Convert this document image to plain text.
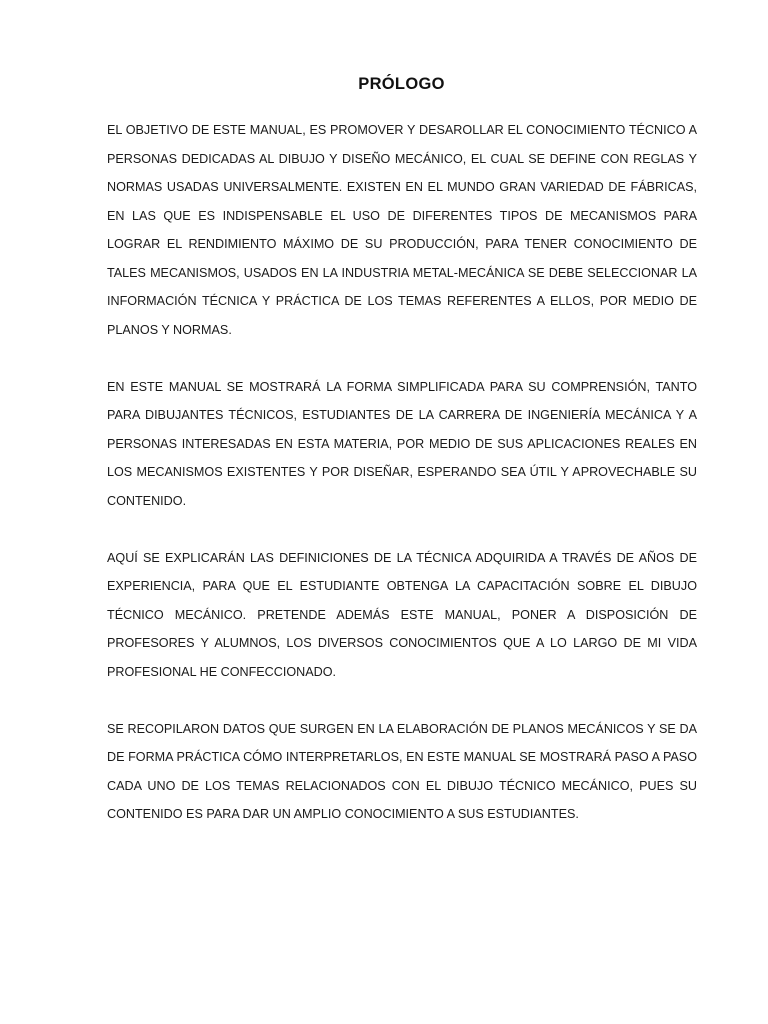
PRÓLOGO

EL OBJETIVO DE ESTE MANUAL, ES PROMOVER Y DESAROLLAR EL CONOCIMIENTO TÉCNICO A PERSONAS DEDICADAS AL DIBUJO Y DISEÑO MECÁNICO, EL CUAL SE DEFINE CON REGLAS Y NORMAS USADAS UNIVERSALMENTE. EXISTEN EN EL MUNDO GRAN VARIEDAD DE FÁBRICAS, EN LAS QUE ES INDISPENSABLE EL USO DE DIFERENTES TIPOS DE MECANISMOS PARA LOGRAR EL RENDIMIENTO MÁXIMO DE SU PRODUCCIÓN, PARA TENER CONOCIMIENTO DE TALES MECANISMOS, USADOS EN LA INDUSTRIA METAL-MECÁNICA SE DEBE SELECCIONAR LA INFORMACIÓN TÉCNICA Y PRÁCTICA DE LOS TEMAS REFERENTES A ELLOS, POR MEDIO DE PLANOS Y NORMAS.

EN ESTE MANUAL SE MOSTRARÁ LA FORMA SIMPLIFICADA PARA SU COMPRENSIÓN, TANTO PARA DIBUJANTES TÉCNICOS, ESTUDIANTES DE LA CARRERA DE INGENIERÍA MECÁNICA Y A PERSONAS INTERESADAS EN ESTA MATERIA, POR MEDIO DE SUS APLICACIONES REALES EN LOS MECANISMOS EXISTENTES Y POR DISEÑAR, ESPERANDO SEA ÚTIL Y APROVECHABLE SU CONTENIDO.

AQUÍ SE EXPLICARÁN LAS DEFINICIONES DE LA TÉCNICA ADQUIRIDA A TRAVÉS DE AÑOS DE EXPERIENCIA, PARA QUE EL ESTUDIANTE OBTENGA LA CAPACITACIÓN SOBRE EL DIBUJO TÉCNICO MECÁNICO. PRETENDE ADEMÁS ESTE MANUAL, PONER A DISPOSICIÓN DE PROFESORES Y ALUMNOS, LOS DIVERSOS CONOCIMIENTOS QUE A LO LARGO DE MI VIDA PROFESIONAL HE CONFECCIONADO.

SE RECOPILARON DATOS QUE SURGEN EN LA ELABORACIÓN DE PLANOS MECÁNICOS Y SE DA DE FORMA PRÁCTICA CÓMO INTERPRETARLOS, EN ESTE MANUAL SE MOSTRARÁ PASO A PASO CADA UNO DE LOS TEMAS RELACIONADOS CON EL DIBUJO TÉCNICO MECÁNICO, PUES SU CONTENIDO ES PARA DAR UN AMPLIO CONOCIMIENTO A SUS ESTUDIANTES.
